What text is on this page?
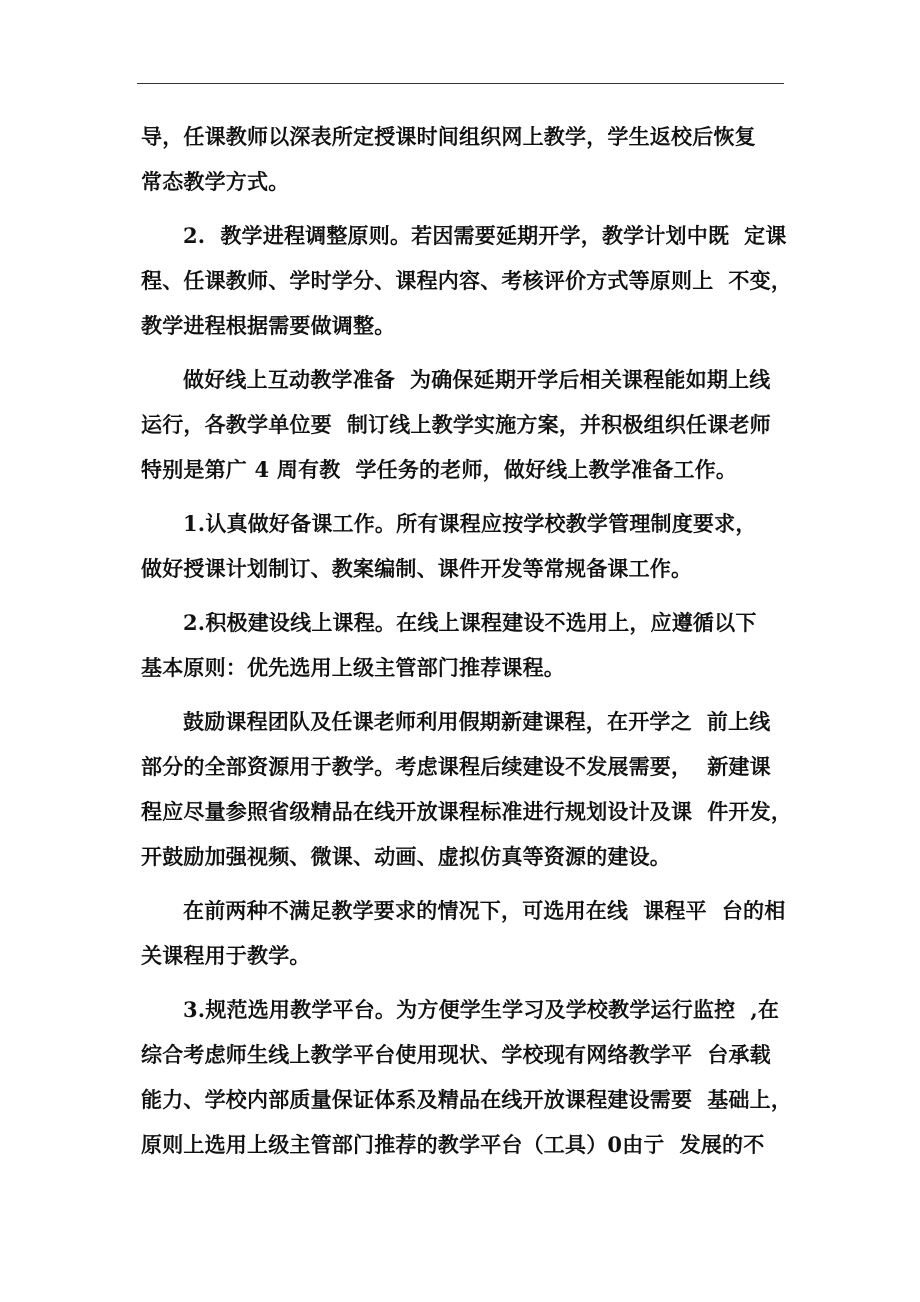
导，任课教师以深表所定授课时间组织网上教学，学生返校后恢复
常态教学方式。
2.  教学进程调整原则。若因需要延期开学，教学计划中既  定课
程、任课教师、学时学分、课程内容、考核评价方式等原则上  不变，
教学进程根据需要做调整。
做好线上互动教学准备  为确保延期开学后相关课程能如期上线
运行，各教学单位要  制订线上教学实施方案，并积极组织任课老师
特别是第广 4 周有教  学任务的老师，做好线上教学准备工作。
1.认真做好备课工作。所有课程应按学校教学管理制度要求，
做好授课计划制订、教案编制、课件开发等常规备课工作。
2.积极建设线上课程。在线上课程建设不选用上，应遵循以下
基本原则：优先选用上级主管部门推荐课程。
鼓励课程团队及任课老师利用假期新建课程，在开学之  前上线
部分的全部资源用于教学。考虑课程后续建设不发展需要，  新建课
程应尽量参照省级精品在线开放课程标准进行规划设计及课  件开发，
开鼓励加强视频、微课、动画、虚拟仿真等资源的建设。
在前两种不满足教学要求的情况下，可选用在线  课程平  台的相
关课程用于教学。
3.规范选用教学平台。为方便学生学习及学校教学运行监控  ,在
综合考虑师生线上教学平台使用现状、学校现有网络教学平  台承载
能力、学校内部质量保证体系及精品在线开放课程建设需要  基础上，
原则上选用上级主管部门推荐的教学平台（工具）0由亍  发展的不
